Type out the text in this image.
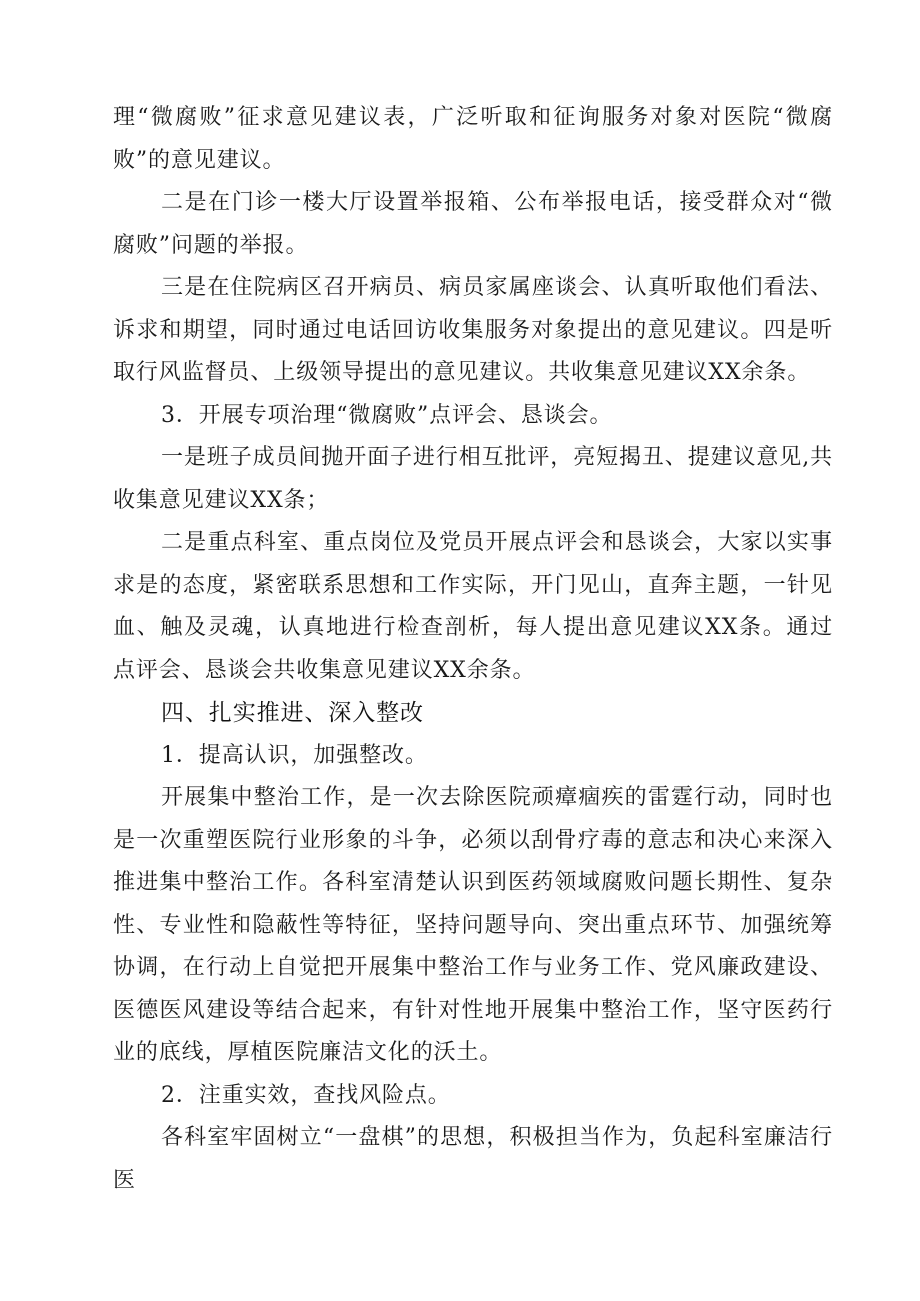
理“微腐败”征求意见建议表，广泛听取和征询服务对象对医院“微腐败”的意见建议。

二是在门诊一楼大厅设置举报箱、公布举报电话，接受群众对“微腐败”问题的举报。

三是在住院病区召开病员、病员家属座谈会、认真听取他们看法、诉求和期望，同时通过电话回访收集服务对象提出的意见建议。四是听取行风监督员、上级领导提出的意见建议。共收集意见建议XX余条。

3．开展专项治理“微腐败”点评会、恳谈会。

一是班子成员间抛开面子进行相互批评，亮短揭丑、提建议意见,共收集意见建议XX条；

二是重点科室、重点岗位及党员开展点评会和恳谈会，大家以实事求是的态度，紧密联系思想和工作实际，开门见山，直奔主题，一针见血、触及灵魂，认真地进行检查剖析，每人提出意见建议XX条。通过点评会、恳谈会共收集意见建议XX余条。

四、扎实推进、深入整改

1．提高认识，加强整改。

开展集中整治工作，是一次去除医院顽瘴痼疾的雷霆行动，同时也是一次重塑医院行业形象的斗争，必须以刮骨疗毒的意志和决心来深入推进集中整治工作。各科室清楚认识到医药领域腐败问题长期性、复杂性、专业性和隐蔽性等特征，坚持问题导向、突出重点环节、加强统筹协调，在行动上自觉把开展集中整治工作与业务工作、党风廉政建设、医德医风建设等结合起来，有针对性地开展集中整治工作，坚守医药行业的底线，厚植医院廉洁文化的沃土。

2．注重实效，查找风险点。

各科室牢固树立“一盘棋”的思想，积极担当作为，负起科室廉洁行医
